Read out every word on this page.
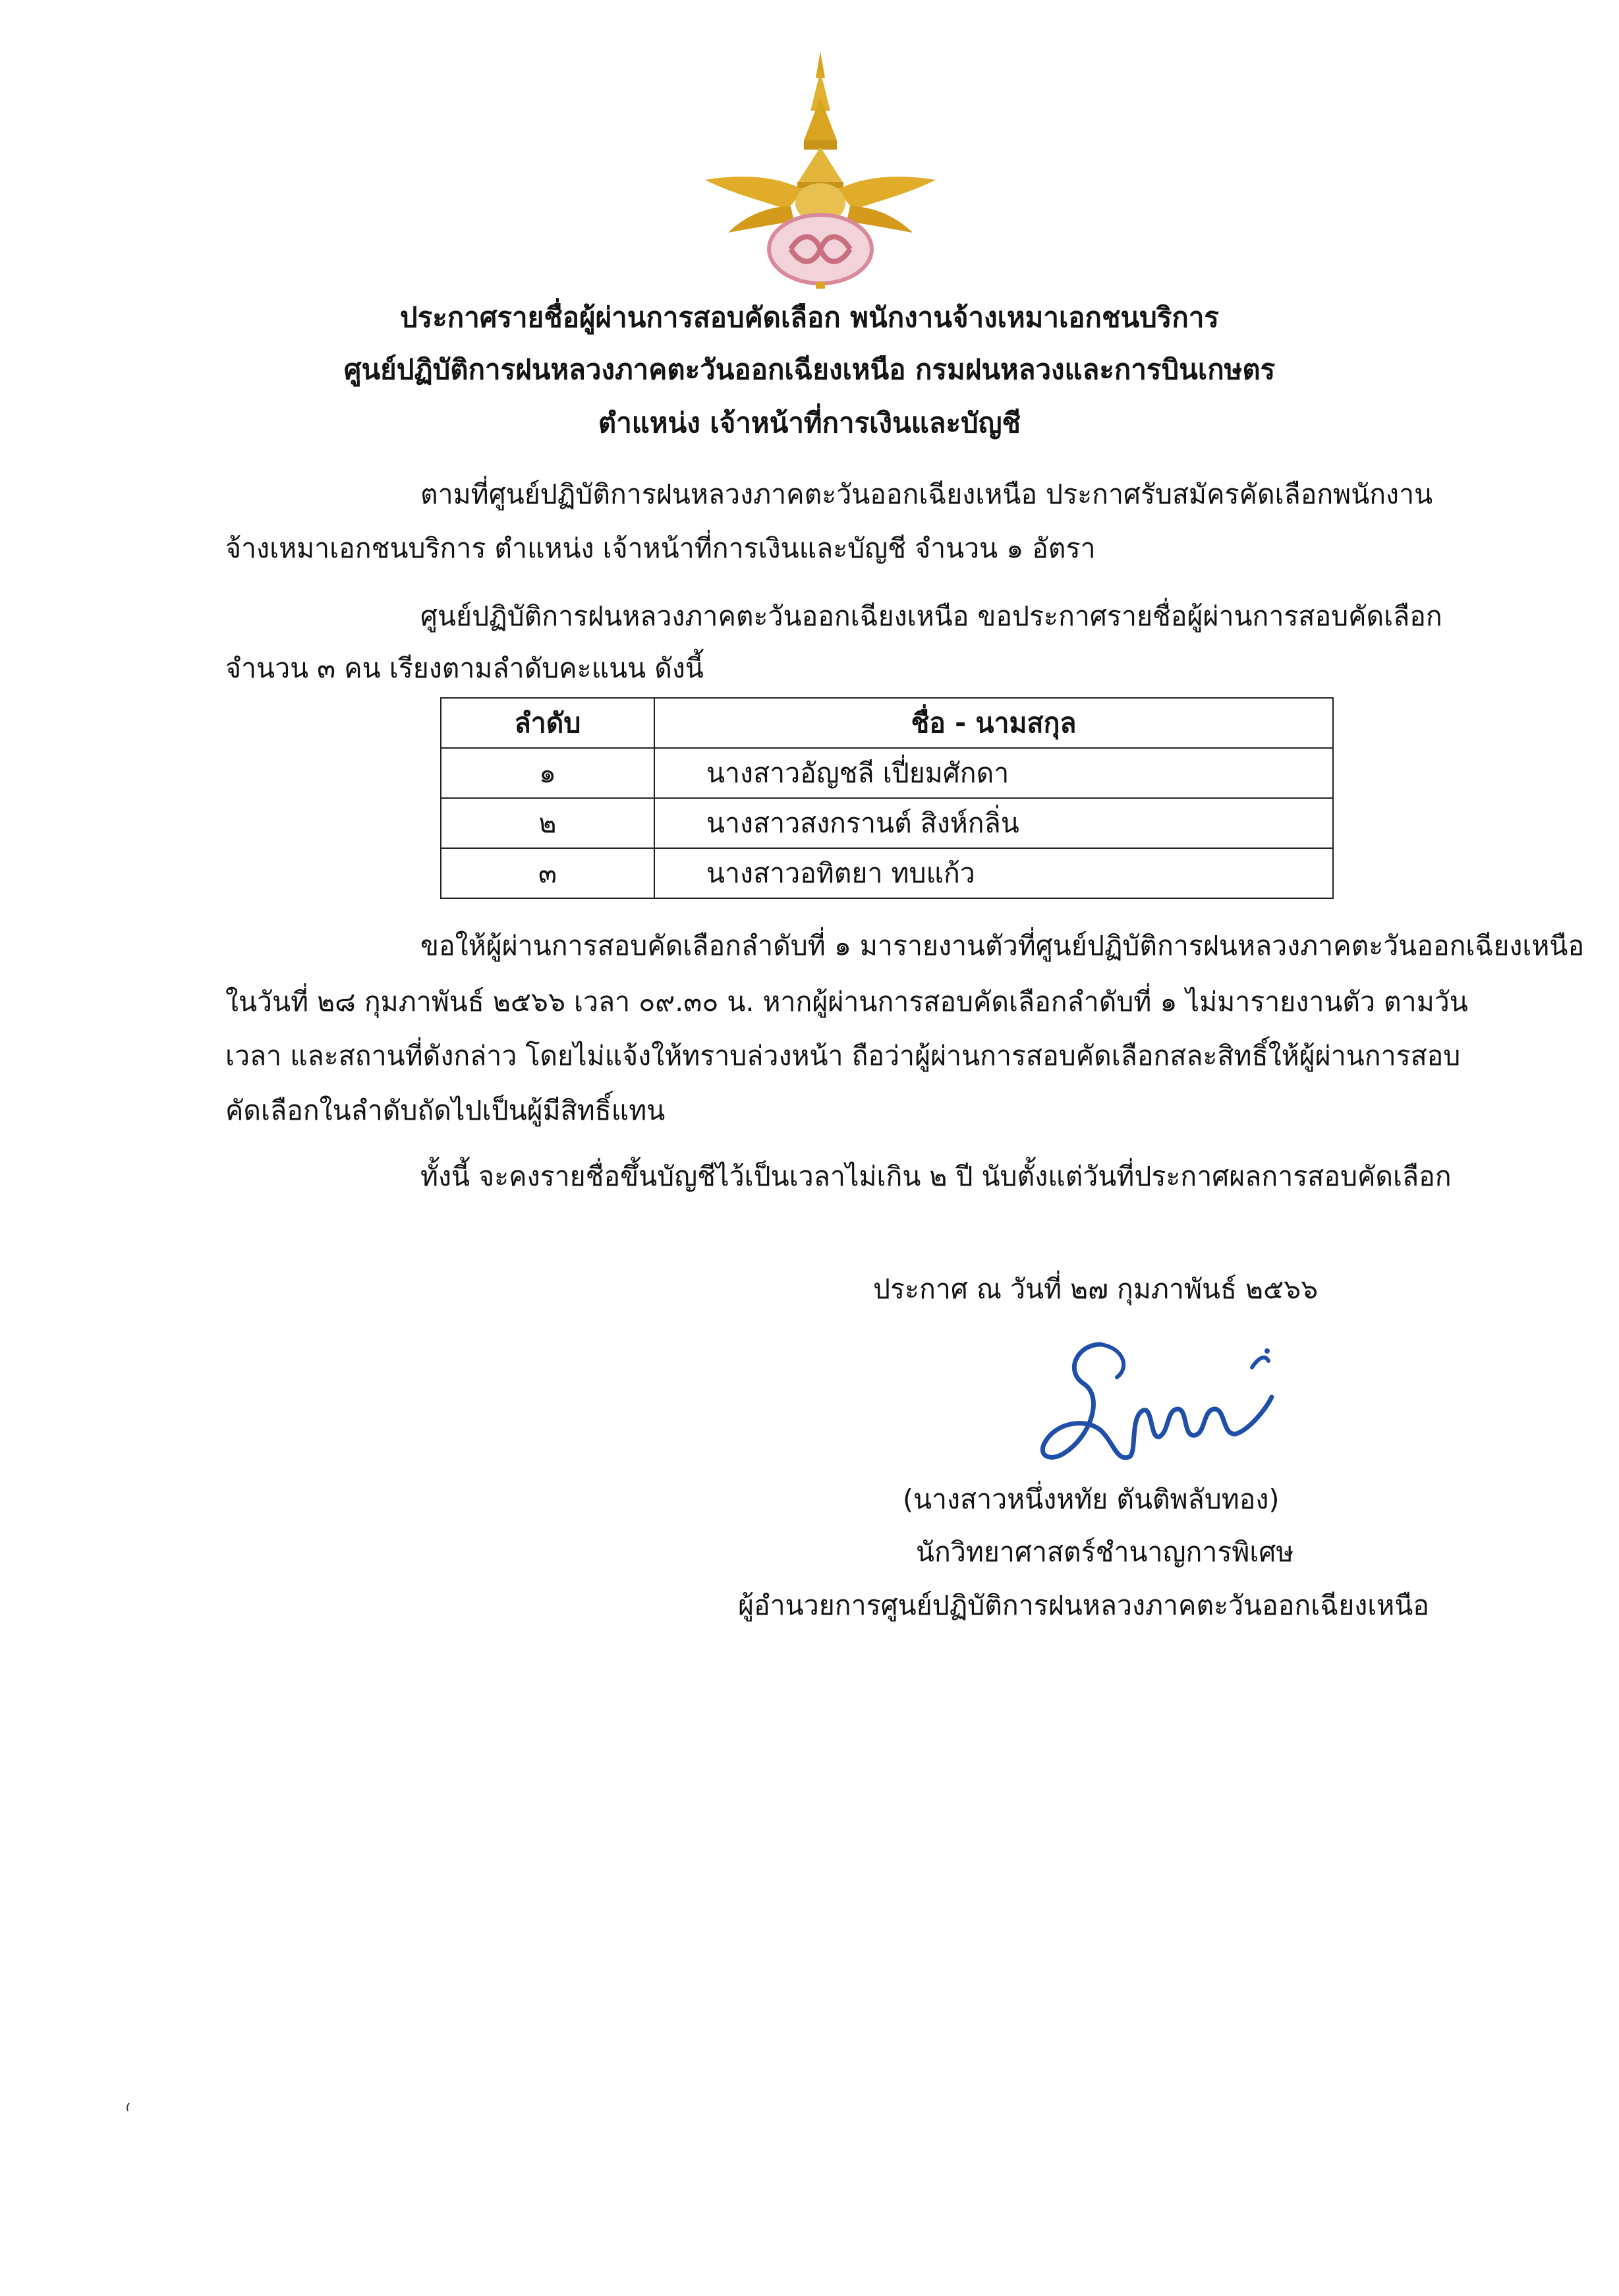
ประกาศรายชื่อผู้ผ่านการสอบคัดเลือก พนักงานจ้างเหมาเอกชนบริการ
ศูนย์ปฏิบัติการฝนหลวงภาคตะวันออกเฉียงเหนือ กรมฝนหลวงและการบินเกษตร
ตำแหน่ง เจ้าหน้าที่การเงินและบัญชี
ตามที่ศูนย์ปฏิบัติการฝนหลวงภาคตะวันออกเฉียงเหนือ ประกาศรับสมัครคัดเลือกพนักงาน
จ้างเหมาเอกชนบริการ ตำแหน่ง เจ้าหน้าที่การเงินและบัญชี จำนวน ๑ อัตรา
ศูนย์ปฏิบัติการฝนหลวงภาคตะวันออกเฉียงเหนือ ขอประกาศรายชื่อผู้ผ่านการสอบคัดเลือก
จำนวน ๓ คน เรียงตามลำดับคะแนน ดังนี้
ลำดับ	ชื่อ - นามสกุล
๑	นางสาวอัญชลี เปี่ยมศักดา
๒	นางสาวสงกรานต์ สิงห์กลิ่น
๓	นางสาวอทิตยา ทบแก้ว
ขอให้ผู้ผ่านการสอบคัดเลือกลำดับที่ ๑ มารายงานตัวที่ศูนย์ปฏิบัติการฝนหลวงภาคตะวันออกเฉียงเหนือ
ในวันที่ ๒๘ กุมภาพันธ์ ๒๕๖๖ เวลา ๐๙.๓๐ น. หากผู้ผ่านการสอบคัดเลือกลำดับที่ ๑ ไม่มารายงานตัว ตามวัน
เวลา และสถานที่ดังกล่าว โดยไม่แจ้งให้ทราบล่วงหน้า ถือว่าผู้ผ่านการสอบคัดเลือกสละสิทธิ์ให้ผู้ผ่านการสอบ
คัดเลือกในลำดับถัดไปเป็นผู้มีสิทธิ์แทน
ทั้งนี้ จะคงรายชื่อขึ้นบัญชีไว้เป็นเวลาไม่เกิน ๒ ปี นับตั้งแต่วันที่ประกาศผลการสอบคัดเลือก
ประกาศ ณ วันที่ ๒๗ กุมภาพันธ์ ๒๕๖๖
(นางสาวหนึ่งหทัย ตันติพลับทอง)
นักวิทยาศาสตร์ชำนาญการพิเศษ
ผู้อำนวยการศูนย์ปฏิบัติการฝนหลวงภาคตะวันออกเฉียงเหนือ
